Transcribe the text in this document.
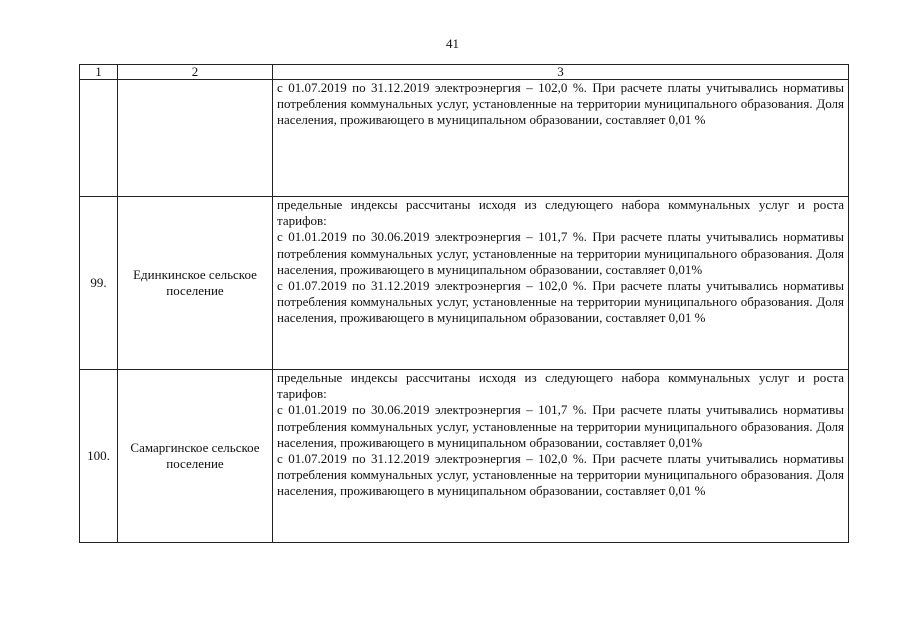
41
1	2	3

		с 01.07.2019 по 31.12.2019 электроэнергия – 102,0 %. При расчете платы учитывались нормативы потребления коммунальных услуг, установленные на территории муниципального образования. Доля населения, проживающего в муниципальном образовании, составляет 0,01 %

99.	Единкинское сельское поселение	предельные индексы рассчитаны исходя из следующего набора коммунальных услуг и роста тарифов:

с 01.01.2019 по 30.06.2019 электроэнергия – 101,7 %. При расчете платы учитывались нормативы потребления коммунальных услуг, установленные на территории муниципального образования. Доля населения, проживающего в муниципальном образовании, составляет 0,01%

с 01.07.2019 по 31.12.2019 электроэнергия – 102,0 %. При расчете платы учитывались нормативы потребления коммунальных услуг, установленные на территории муниципального образования. Доля населения, проживающего в муниципальном образовании, составляет 0,01 %

100.	Самаргинское сельское поселение	предельные индексы рассчитаны исходя из следующего набора коммунальных услуг и роста тарифов:

с 01.01.2019 по 30.06.2019 электроэнергия – 101,7 %. При расчете платы учитывались нормативы потребления коммунальных услуг, установленные на территории муниципального образования. Доля населения, проживающего в муниципальном образовании, составляет 0,01%

с 01.07.2019 по 31.12.2019 электроэнергия – 102,0 %. При расчете платы учитывались нормативы потребления коммунальных услуг, установленные на территории муниципального образования. Доля населения, проживающего в муниципальном образовании, составляет 0,01 %
